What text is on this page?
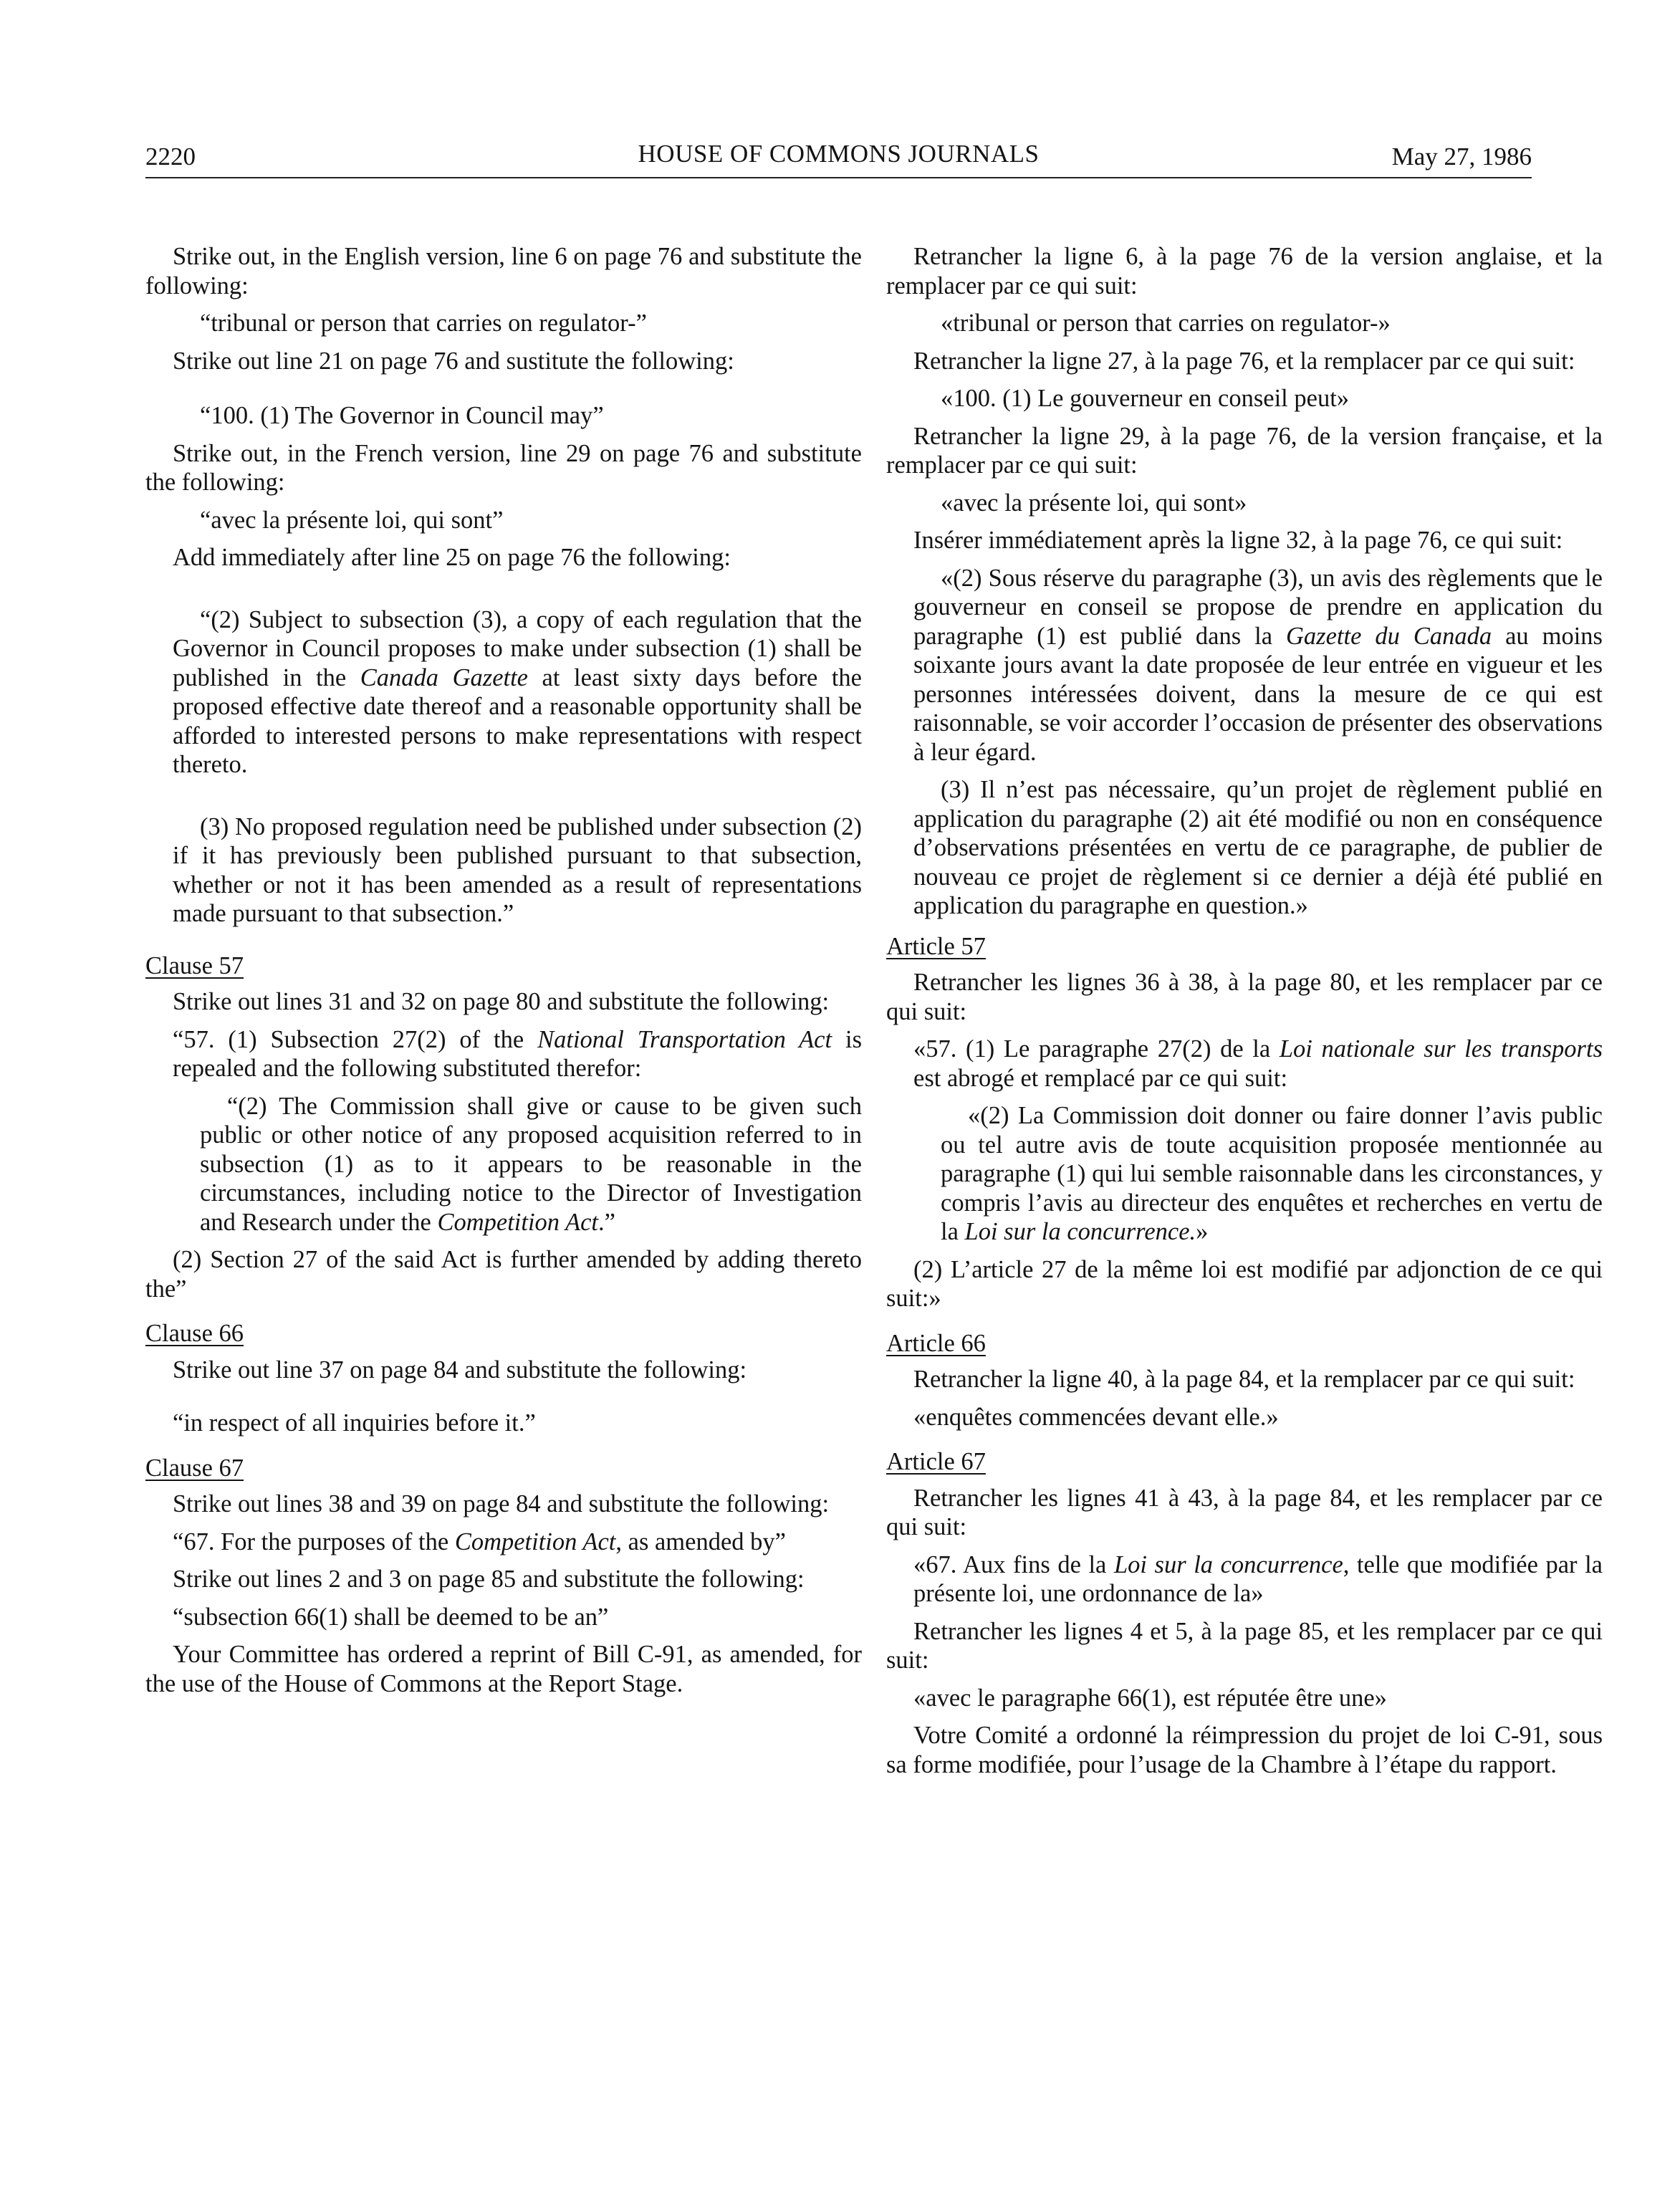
2220	HOUSE OF COMMONS JOURNALS	May 27, 1986

Strike out, in the English version, line 6 on page 76 and substitute the following:

“tribunal or person that carries on regulator-”

Strike out line 21 on page 76 and sustitute the following:

“100. (1) The Governor in Council may”

Strike out, in the French version, line 29 on page 76 and substitute the following:

“avec la présente loi, qui sont”

Add immediately after line 25 on page 76 the following:

“(2) Subject to subsection (3), a copy of each regulation that the Governor in Council proposes to make under subsection (1) shall be published in the Canada Gazette at least sixty days before the proposed effective date thereof and a reasonable opportunity shall be afforded to interested persons to make representations with respect thereto.

(3) No proposed regulation need be published under subsection (2) if it has previously been published pursuant to that subsection, whether or not it has been amended as a result of representations made pursuant to that subsection.”

Clause 57

Strike out lines 31 and 32 on page 80 and substitute the following:

“57. (1) Subsection 27(2) of the National Transportation Act is repealed and the following substituted therefor:

“(2) The Commission shall give or cause to be given such public or other notice of any proposed acquisition referred to in subsection (1) as to it appears to be reasonable in the circumstances, including notice to the Director of Investigation and Research under the Competition Act.”

(2) Section 27 of the said Act is further amended by adding thereto the”

Clause 66

Strike out line 37 on page 84 and substitute the following:

“in respect of all inquiries before it.”

Clause 67

Strike out lines 38 and 39 on page 84 and substitute the following:

“67. For the purposes of the Competition Act, as amended by”

Strike out lines 2 and 3 on page 85 and substitute the following:

“subsection 66(1) shall be deemed to be an”

Your Committee has ordered a reprint of Bill C-91, as amended, for the use of the House of Commons at the Report Stage.

Retrancher la ligne 6, à la page 76 de la version anglaise, et la remplacer par ce qui suit:

«tribunal or person that carries on regulator-»

Retrancher la ligne 27, à la page 76, et la remplacer par ce qui suit:

«100. (1) Le gouverneur en conseil peut»

Retrancher la ligne 29, à la page 76, de la version française, et la remplacer par ce qui suit:

«avec la présente loi, qui sont»

Insérer immédiatement après la ligne 32, à la page 76, ce qui suit:

«(2) Sous réserve du paragraphe (3), un avis des règlements que le gouverneur en conseil se propose de prendre en application du paragraphe (1) est publié dans la Gazette du Canada au moins soixante jours avant la date proposée de leur entrée en vigueur et les personnes intéressées doivent, dans la mesure de ce qui est raisonnable, se voir accorder l’occasion de présenter des observations à leur égard.

(3) Il n’est pas nécessaire, qu’un projet de règlement publié en application du paragraphe (2) ait été modifié ou non en conséquence d’observations présentées en vertu de ce paragraphe, de publier de nouveau ce projet de règlement si ce dernier a déjà été publié en application du paragraphe en question.»

Article 57

Retrancher les lignes 36 à 38, à la page 80, et les remplacer par ce qui suit:

«57. (1) Le paragraphe 27(2) de la Loi nationale sur les transports est abrogé et remplacé par ce qui suit:

«(2) La Commission doit donner ou faire donner l’avis public ou tel autre avis de toute acquisition proposée mentionnée au paragraphe (1) qui lui semble raisonnable dans les circonstances, y compris l’avis au directeur des enquêtes et recherches en vertu de la Loi sur la concurrence.»

(2) L’article 27 de la même loi est modifié par adjonction de ce qui suit:»

Article 66

Retrancher la ligne 40, à la page 84, et la remplacer par ce qui suit:

«enquêtes commencées devant elle.»

Article 67

Retrancher les lignes 41 à 43, à la page 84, et les remplacer par ce qui suit:

«67. Aux fins de la Loi sur la concurrence, telle que modifiée par la présente loi, une ordonnance de la»

Retrancher les lignes 4 et 5, à la page 85, et les remplacer par ce qui suit:

«avec le paragraphe 66(1), est réputée être une»

Votre Comité a ordonné la réimpression du projet de loi C-91, sous sa forme modifiée, pour l’usage de la Chambre à l’étape du rapport.
